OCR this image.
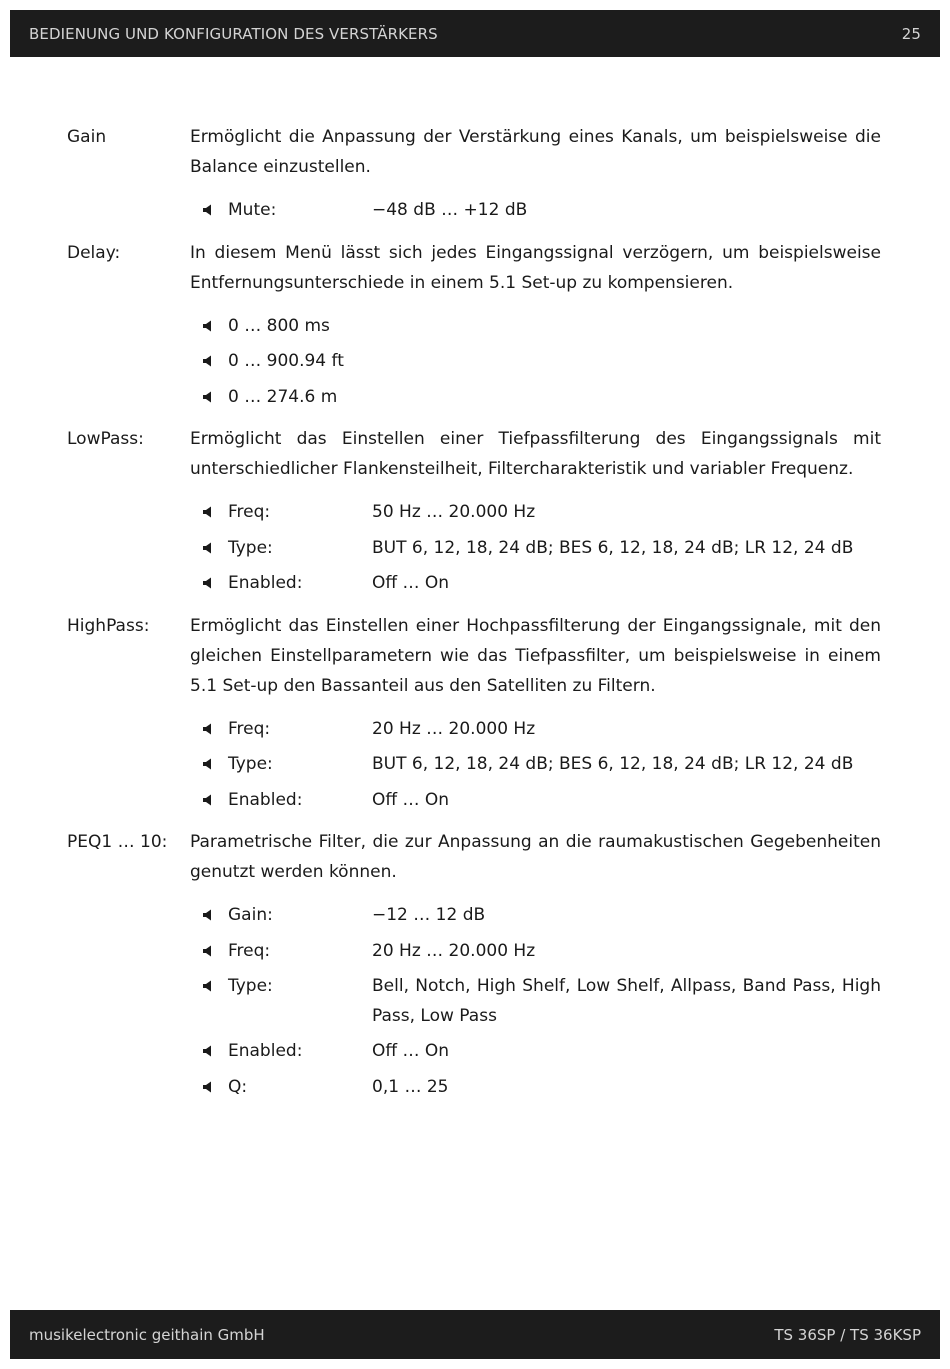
BEDIENUNG UND KONFIGURATION DES VERSTÄRKERS	25
Gain	Ermöglicht die Anpassung der Verstärkung eines Kanals, um beispielsweise die Balance einzustellen.
Mute:	−48 dB … +12 dB
Delay:	In diesem Menü lässt sich jedes Eingangssignal verzögern, um beispielsweise Entfernungsunterschiede in einem 5.1 Set-up zu kompensieren.
0 … 800 ms
0 … 900.94 ft
0 … 274.6 m
LowPass:	Ermöglicht das Einstellen einer Tiefpassfilterung des Eingangssignals mit unterschiedlicher Flankensteilheit, Filtercharakteristik und variabler Frequenz.
Freq:	50 Hz … 20.000 Hz
Type:	BUT 6, 12, 18, 24 dB; BES 6, 12, 18, 24 dB; LR 12, 24 dB
Enabled:	Off … On
HighPass:	Ermöglicht das Einstellen einer Hochpassfilterung der Eingangssignale, mit den gleichen Einstellparametern wie das Tiefpassfilter, um beispielsweise in einem 5.1 Set-up den Bassanteil aus den Satelliten zu Filtern.
Freq:	20 Hz … 20.000 Hz
Type:	BUT 6, 12, 18, 24 dB; BES 6, 12, 18, 24 dB; LR 12, 24 dB
Enabled:	Off … On
PEQ1 … 10:	Parametrische Filter, die zur Anpassung an die raumakustischen Gegebenheiten genutzt werden können.
Gain:	−12 … 12 dB
Freq:	20 Hz … 20.000 Hz
Type:	Bell, Notch, High Shelf, Low Shelf, Allpass, Band Pass, High Pass, Low Pass
Enabled:	Off … On
Q:	0,1 … 25
musikelectronic geithain GmbH	TS 36SP / TS 36KSP
